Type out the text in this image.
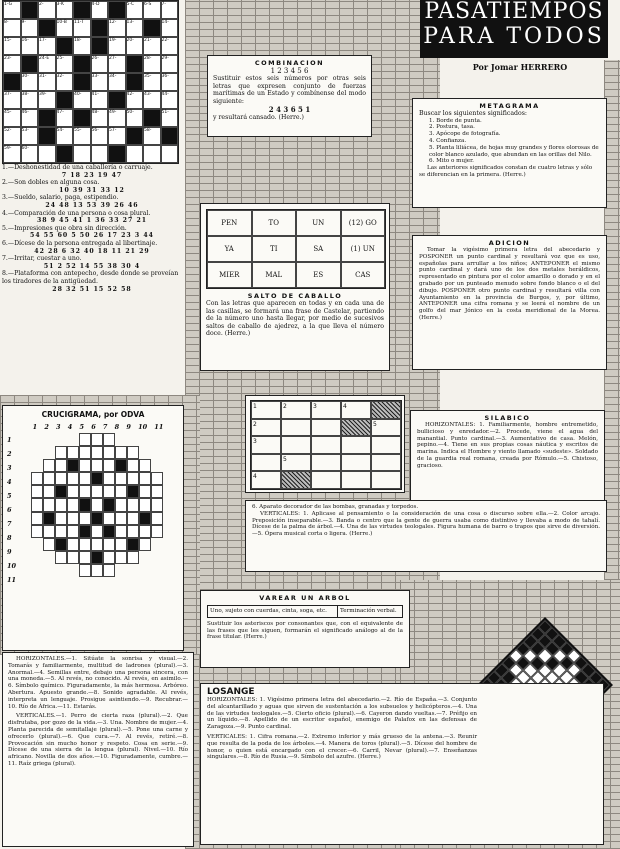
1-G	2-	3-K	4-D	5-C	6-S	7-
8-	9-	10-B	11-T	12-	13-	14-
15-	16-	17-	18-	19-	20-	21-	22-
23-	24-E	25-	26-	27-	28-	29-
30-	31-	32-	33-	34-	35-	36-
37-	38-	39-	40-	41-	42-	43-	44-
45-	46-	47-	48-	49-	50-	51-
52-	53-	54-	55-	56-	57-	58-
59-	60-
1.—Deshonestidad de una caballería o carruaje.
7 18 23 19 47
2.—Son dobles en alguna cosa.
10 39 31 33 12
3.—Sueldo, salario, paga, estipendio.
24 48 13 53 39 26 46
4.—Comparación de una persona o cosa plural.
38 9 45 41 1 36 33 27 21
5.—Impresiones que obra sin dirección.
54 55 60 5 50 26 17 23 3 44
6.—Dícese de la persona entregada al libertinaje.
42 28 6 32 40 18 11 21 29
7.—Irritar, cuestar a uno.
51 2 52 14 55 38 30 4
8.—Plataforma con antepecho, desde donde se proveían los tiradores de la antigüedad.
28 32 51 15 52 58
PASATIEMPOS
PARA TODOS
Por Jomar HERRERO
COMBINACION
1 2 3 4 5 6
Sustituir estos seis números por otras seis letras que expresen conjunto de fuerzas marítimas de un Estado y combínense del modo siguiente:
2 4 3 6 5 1
y resultará cansado. (Herre.)
METAGRAMA
Buscar los siguientes significados:
1. Borde de punta.
2. Postura, tasa.
3. Apócope de fotografía.
4. Confianza.
5. Planta liliácea, de hojas muy grandes y flores olorosas de color blanco azulado, que abundan en las orillas del Nilo.
6. Mito o mujer.
Las anteriores significados constan de cuatro letras y sólo se diferencian en la primera. (Herre.)
PEN	TO	UN	(12) GO
YA	TI	SA	(1) UN
MIER	MAL	ES	CAS
SALTO DE CABALLO
Con las letras que aparecen en todas y en cada una de las casillas, se formará una frase de Castelar, partiendo de la número uno hasta llegar, por medio de sucesivos saltos de caballo de ajedrez, a la que lleva el número doce. (Herre.)
ADICION
Tomar la vigésimo primera letra del abecedario y POSPONER un punto cardinal y resultará voz que es uso, españolas para arrullar a los niños; ANTEPONER el mismo punto cardinal y dará uno de los dos metales heráldicos, representado en pintura por el color amarillo o dorado y en el grabado por un punteado menudo sobre fondo blanco o el del dibujo. POSPONER otro punto cardinal y resultará villa con Ayuntamiento en la provincia de Burgos, y, por último, ANTEPONER una cifra romana y se leerá el nombre de un golfo del mar Jónico en la costa meridional de la Morea. (Herre.)
1	2	3	4
2	5
3
5
4
SILABICO
HORIZONTALES: 1. Familiarmente, hombre entremetido, bullicioso y enredador.—2. Procede, viene el agua del manantial. Punto cardinal.—3. Aumentativo de casa. Melón, pepino.—4. Tiene en sus propias cosas náutica y escritos de marina. Indica el Hombre y viento llamado «sudeste». Soldado de la guardia real romana, creada por Rómulo.—5. Chistoso, gracioso.
6. Aparato decorador de las bombas, granadas y torpedos.
VERTICALES: 1. Aplicase al pensamiento o la consideración de una cosa o discurso sobre ella.—2. Color arcajo. Preposición inseparable.—3. Banda o centro que la gente de guerra usaba como distintivo y llevaba a modo de tahalí. Dícese de la palma de árbol.—4. Una de las virtudes teologales. Figura humana de barro o trapos que sirve de diversión.—5. Ópera musical corta o ligera. (Herre.)
CRUCIGRAMA, por ODVA
1 2 3 4 5 6 7 8 9 10 11
1
2
3
4
5
6
7
8
9
10
11
HORIZONTALES.—1. Sitúate la sonrisa y visual.—2. Tomarás y familiarmente, multitud de ladrones (plural).—3. Anormal.—4. Semillas entre, debajo una persona sincera, con una moneda.—5. Al revés, no conocido. Al revés, en asimilo.—6. Símbolo químico. Figuradamente, la más hermosa. Arbóreo. Abertura. Apuesto grande.—8. Sonido agradable. Al revés, interpreta un lenguaje. Prosigue asintiendo.—9. Recubrar.—10. Río de África.—11. Estarás.
VERTICALES.—1. Perro de cierta raza (plural).—2. Que disfrutaba, por gozo de la vida.—3. Una. Nombre de mujer.—4. Planta parecida de semitallaje (plural).—5. Pone una carne y ofrecerlo (plural).—6. Que cura.—7. Al revés, retiré.—8. Provocación sin mucho honor y respeto. Cosa en serie.—9. Dícese de una sierra de la lengua (plural). Nivel.—10. Río africano. Novilla de dos años.—10. Figuradamente, cumbre.—11. Raíz griega (plural).
VAREAR UN ARBOL
Uno, sujeto con cuerdas, cinta, soga, etc.	Terminación verbal.
Sustituir los asteriscos por consonantes que, con el equivalente de las frases que les siguen, formarán el significado análogo al de la frase titular. (Herre.)
LOSANGE
HORIZONTALES: 1. Vigésimo primera letra del abecedario.—2. Río de España.—3. Conjunto del alcantarillado y aguas que sirven de sustentación a los subsuelos y helicópteros.—4. Una de las virtudes teologales.—5. Cierto oficio (plural).—6. Cayeron dando vueltas.—7. Préfijo en un líquido.—8. Apellido de un escritor español, enemigo de Palafox en las defensas de Zaragoza.—9. Punto cardinal.
VERTICALES: 1. Cifra romana.—2. Extremo inferior y más grueso de la antena.—3. Reunir que resulta de la poda de los árboles.—4. Manera de toros (plural).—5. Dícese del hombre de honor, o quien está encargado con el crecer.—6. Carril, Nevar (plural).—7. Enseñanzas singulares.—8. Río de Rusia.—9. Símbolo del azufre. (Herre.)
